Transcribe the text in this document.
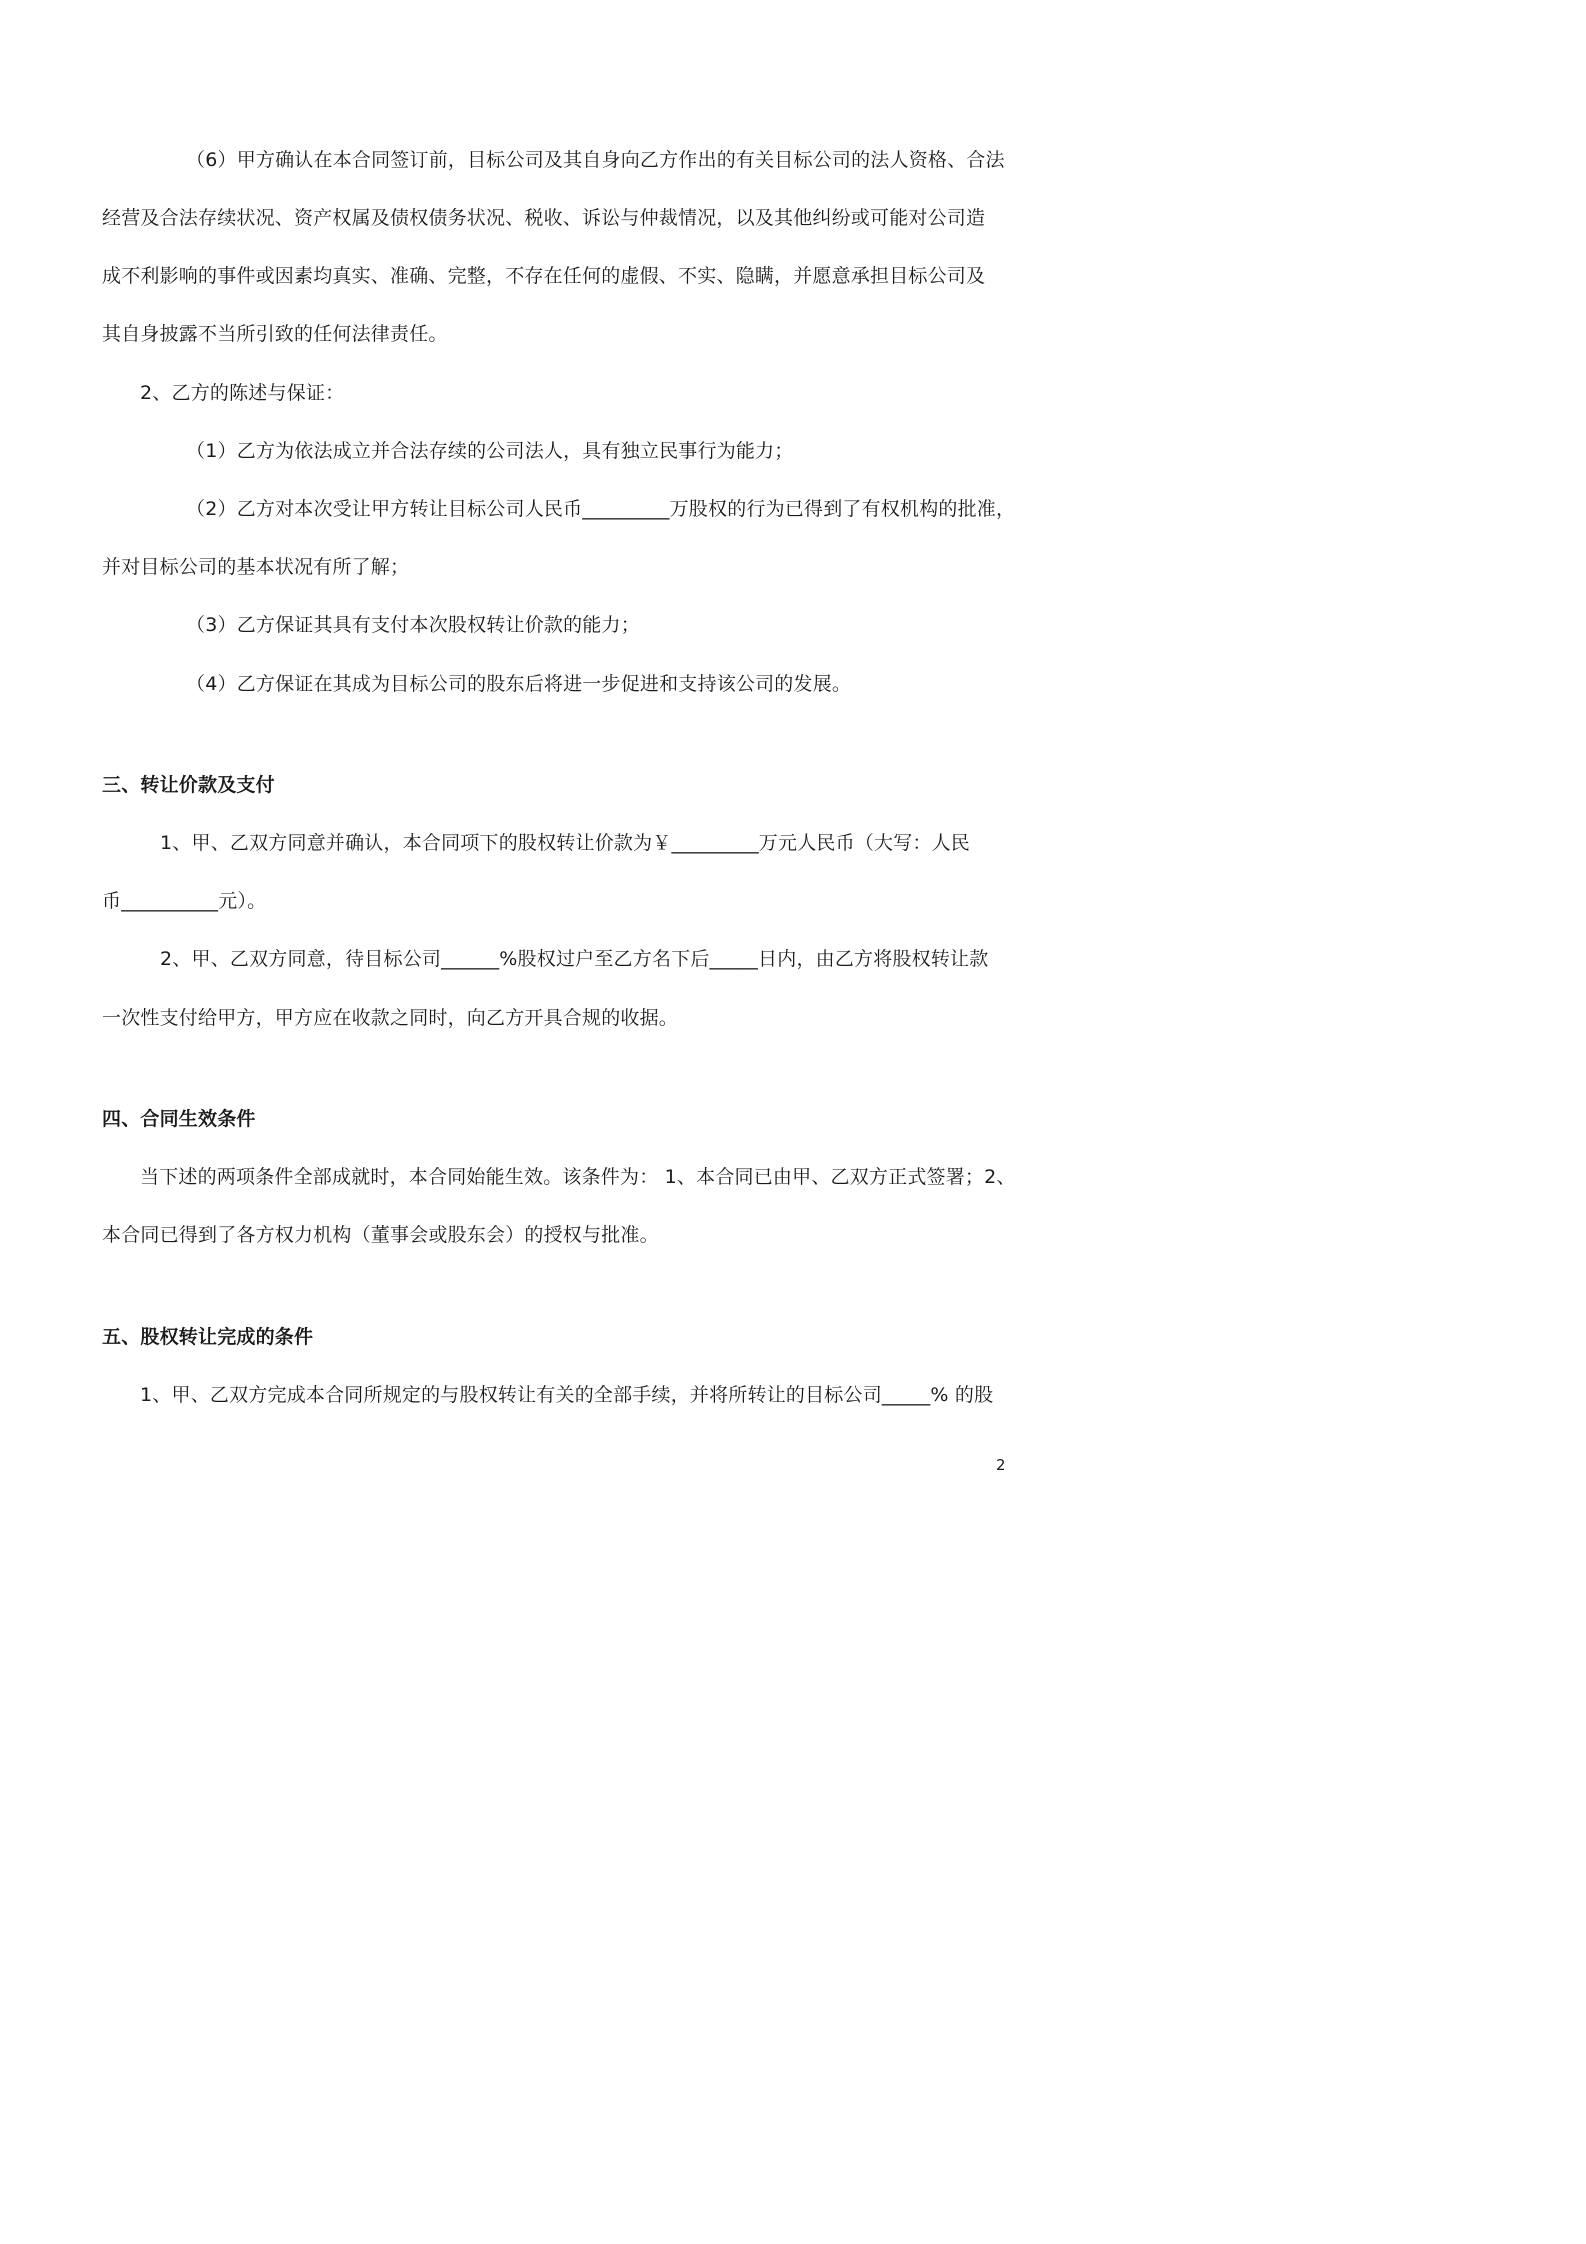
（6）甲方确认在本合同签订前，目标公司及其自身向乙方作出的有关目标公司的法人资格、合法
经营及合法存续状况、资产权属及债权债务状况、税收、诉讼与仲裁情况，以及其他纠纷或可能对公司造
成不利影响的事件或因素均真实、准确、完整，不存在任何的虚假、不实、隐瞒，并愿意承担目标公司及
其自身披露不当所引致的任何法律责任。
2、乙方的陈述与保证：
（1）乙方为依法成立并合法存续的公司法人，具有独立民事行为能力；
（2）乙方对本次受让甲方转让目标公司人民币_________万股权的行为已得到了有权机构的批准，
并对目标公司的基本状况有所了解；
（3）乙方保证其具有支付本次股权转让价款的能力；
（4）乙方保证在其成为目标公司的股东后将进一步促进和支持该公司的发展。
三、转让价款及支付
1、甲、乙双方同意并确认，本合同项下的股权转让价款为￥_________万元人民币（大写：人民
币__________元）。
2、甲、乙双方同意，待目标公司______%股权过户至乙方名下后_____日内，由乙方将股权转让款
一次性支付给甲方，甲方应在收款之同时，向乙方开具合规的收据。
四、合同生效条件
当下述的两项条件全部成就时，本合同始能生效。该条件为： 1、本合同已由甲、乙双方正式签署；2、
本合同已得到了各方权力机构（董事会或股东会）的授权与批准。
五、股权转让完成的条件
1、甲、乙双方完成本合同所规定的与股权转让有关的全部手续，并将所转让的目标公司_____% 的股
2
